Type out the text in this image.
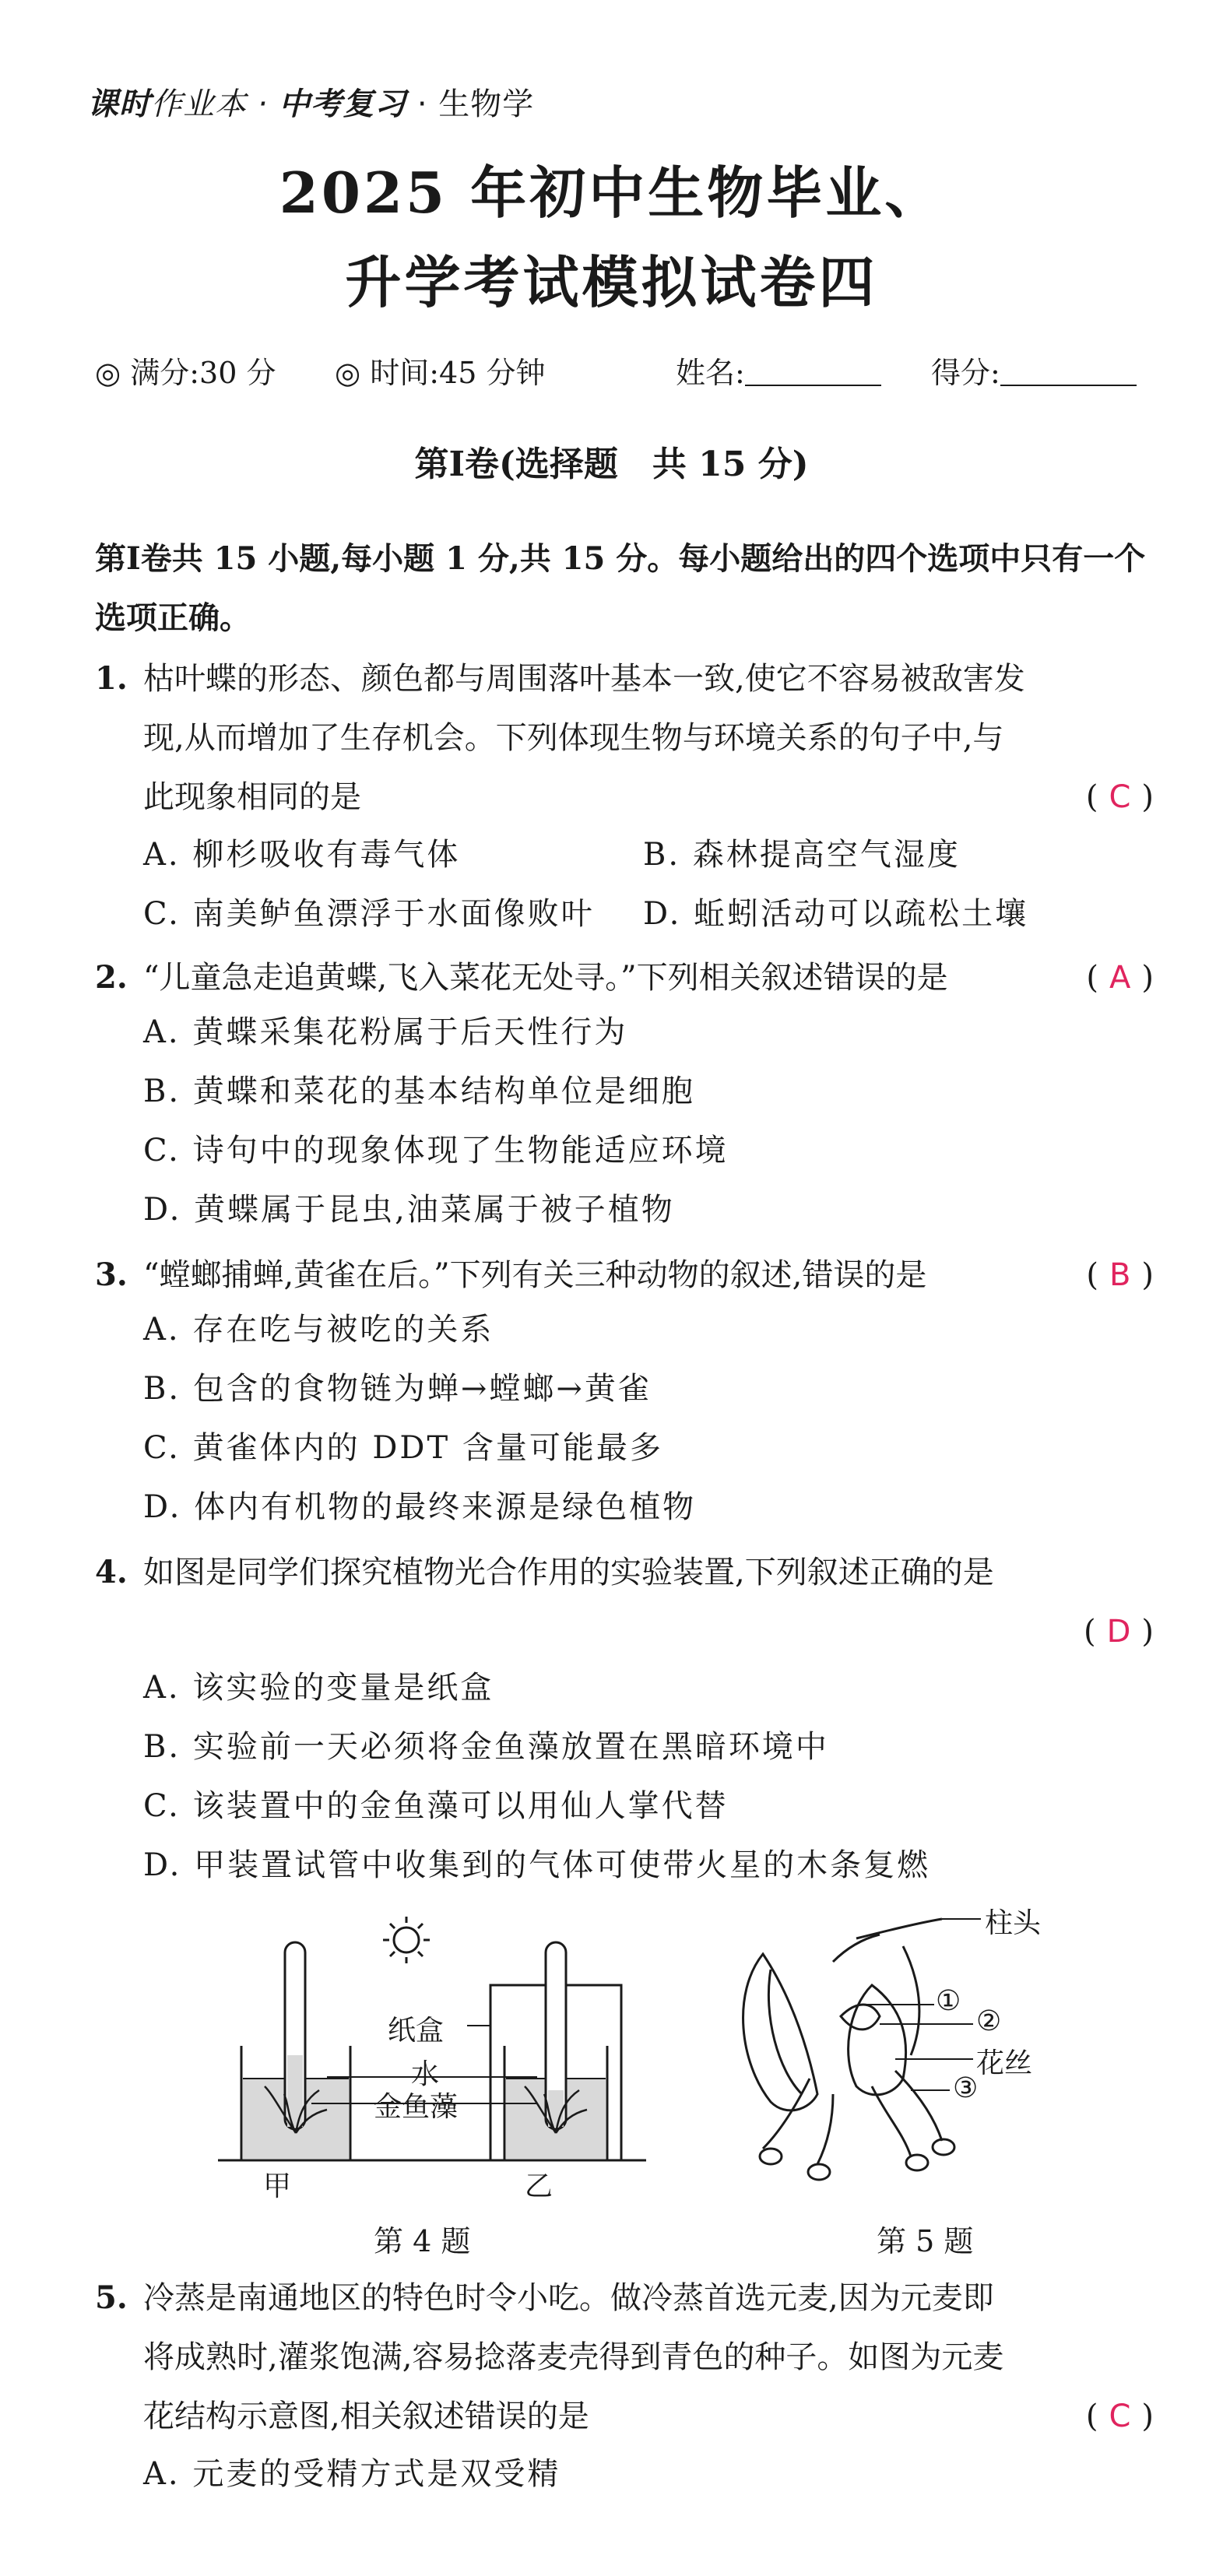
课时作业本 · 中考复习 · 生物学
2025 年初中生物毕业、
升学考试模拟试卷四
◎ 满分:30 分 ◎ 时间:45 分钟	姓名:	得分:
第Ⅰ卷(选择题　共 15 分)
第Ⅰ卷共 15 小题,每小题 1 分,共 15 分。每小题给出的四个选项中只有一个选项正确。
1. 枯叶蝶的形态、颜色都与周围落叶基本一致,使它不容易被敌害发
现,从而增加了生存机会。下列体现生物与环境关系的句子中,与
此现象相同的是	( C )
A. 柳杉吸收有毒气体	B. 森林提高空气湿度
C. 南美鲈鱼漂浮于水面像败叶 D. 蚯蚓活动可以疏松土壤
2. “儿童急走追黄蝶,飞入菜花无处寻。”下列相关叙述错误的是	( A )
A. 黄蝶采集花粉属于后天性行为
B. 黄蝶和菜花的基本结构单位是细胞
C. 诗句中的现象体现了生物能适应环境
D. 黄蝶属于昆虫,油菜属于被子植物
3. “螳螂捕蝉,黄雀在后。”下列有关三种动物的叙述,错误的是	( B )
A. 存在吃与被吃的关系
B. 包含的食物链为蝉→螳螂→黄雀
C. 黄雀体内的 DDT 含量可能最多
D. 体内有机物的最终来源是绿色植物
4. 如图是同学们探究植物光合作用的实验装置,下列叙述正确的是
( D )
A. 该实验的变量是纸盒
B. 实验前一天必须将金鱼藻放置在黑暗环境中
C. 该装置中的金鱼藻可以用仙人掌代替
D. 甲装置试管中收集到的气体可使带火星的木条复燃
纸盒
水
金鱼藻
甲	乙
第 4 题
柱头
①
②
花丝
③
第 5 题
5. 冷蒸是南通地区的特色时令小吃。做冷蒸首选元麦,因为元麦即
将成熟时,灌浆饱满,容易捻落麦壳得到青色的种子。如图为元麦
花结构示意图,相关叙述错误的是	( C )
A. 元麦的受精方式是双受精
